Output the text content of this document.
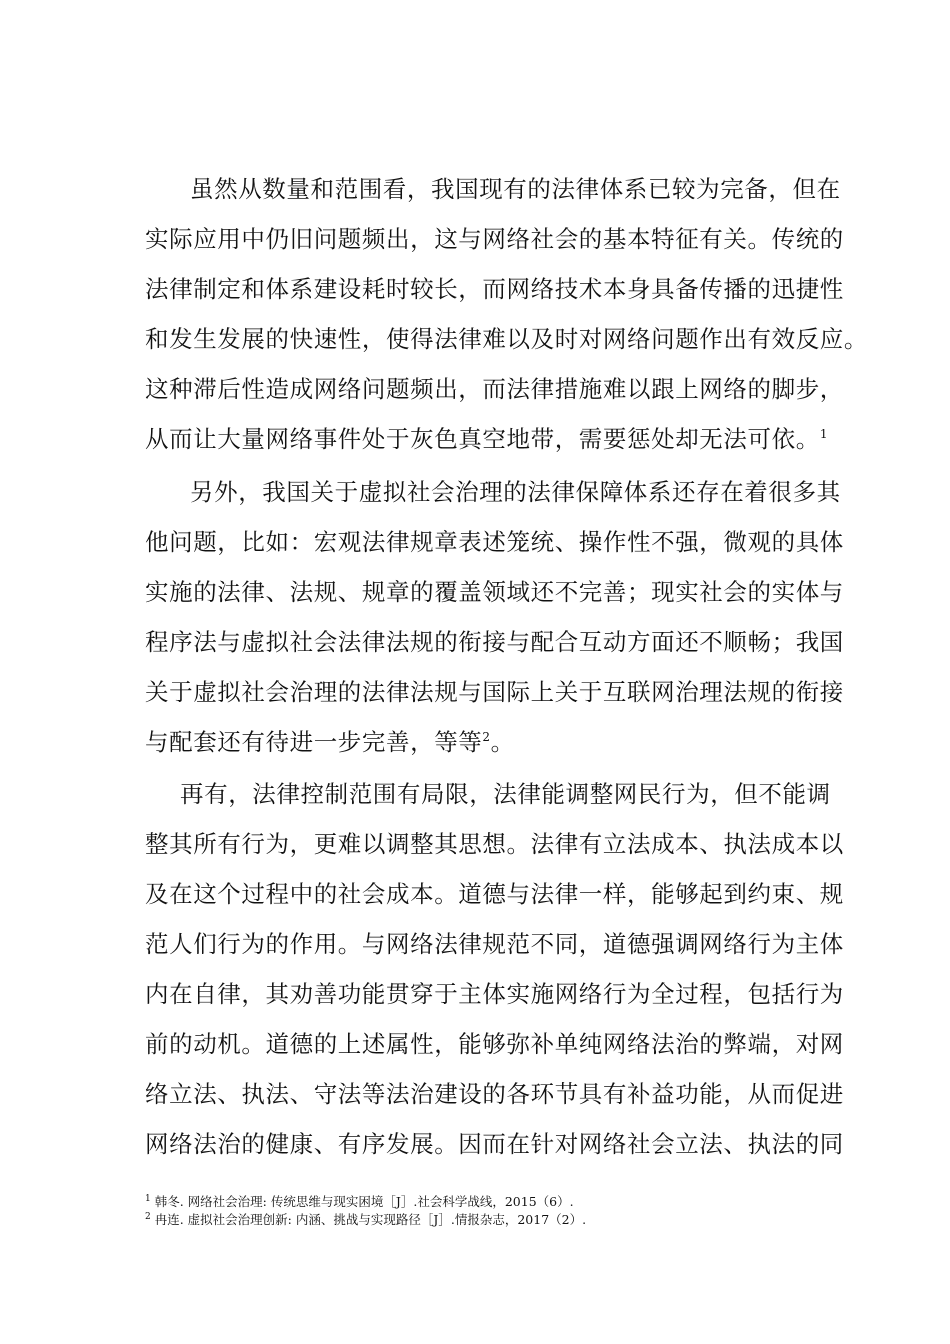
虽然从数量和范围看，我国现有的法律体系已较为完备，但在
实际应用中仍旧问题频出，这与网络社会的基本特征有关。传统的
法律制定和体系建设耗时较长，而网络技术本身具备传播的迅捷性
和发生发展的快速性，使得法律难以及时对网络问题作出有效反应。
这种滞后性造成网络问题频出，而法律措施难以跟上网络的脚步，
从而让大量网络事件处于灰色真空地带，需要惩处却无法可依。$^1$
另外，我国关于虚拟社会治理的法律保障体系还存在着很多其
他问题，比如：宏观法律规章表述笼统、操作性不强，微观的具体
实施的法律、法规、规章的覆盖领域还不完善；现实社会的实体与
程序法与虚拟社会法律法规的衔接与配合互动方面还不顺畅；我国
关于虚拟社会治理的法律法规与国际上关于互联网治理法规的衔接
与配套还有待进一步完善，等等$^2$。
再有，法律控制范围有局限，法律能调整网民行为，但不能调
整其所有行为，更难以调整其思想。法律有立法成本、执法成本以
及在这个过程中的社会成本。道德与法律一样，能够起到约束、规
范人们行为的作用。与网络法律规范不同，道德强调网络行为主体
内在自律，其劝善功能贯穿于主体实施网络行为全过程，包括行为
前的动机。道德的上述属性，能够弥补单纯网络法治的弊端，对网
络立法、执法、守法等法治建设的各环节具有补益功能，从而促进
网络法治的健康、有序发展。因而在针对网络社会立法、执法的同
$^1$ 韩冬. 网络社会治理: 传统思维与现实困境［J］.社会科学战线，2015（6）.
$^2$ 冉连. 虚拟社会治理创新: 内涵、挑战与实现路径［J］.情报杂志，2017（2）.
